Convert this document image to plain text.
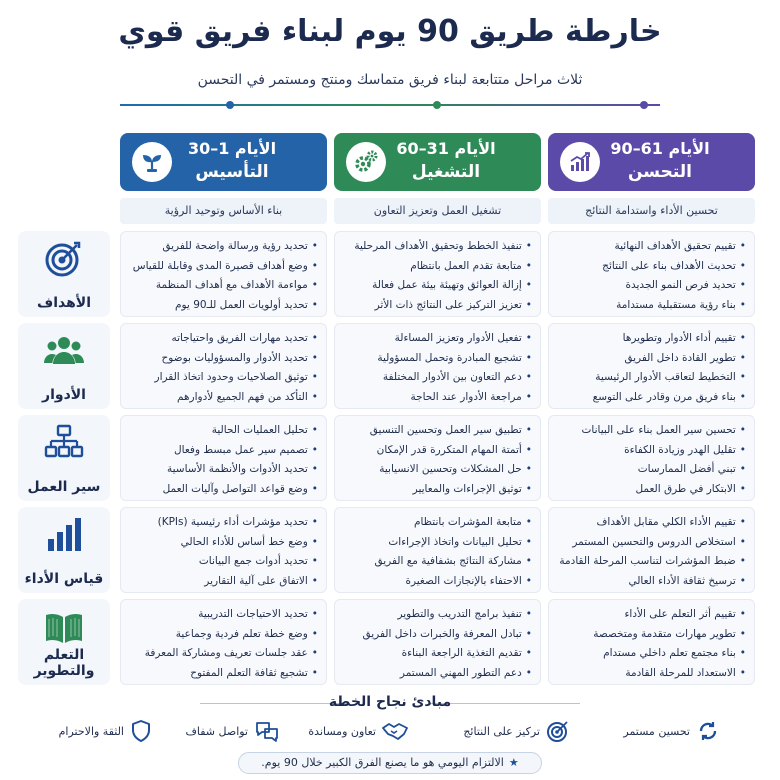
خارطة طريق 90 يوم لبناء فريق قوي
ثلاث مراحل متتابعة لبناء فريق متماسك ومنتج ومستمر في التحسن
الأيام 1–30
التأسيس
الأيام 31–60
التشغيل
الأيام 61–90
التحسن
بناء الأساس وتوحيد الرؤية	تشغيل العمل وتعزيز التعاون	تحسين الأداء واستدامة النتائج
الأهداف
• تحديد رؤية ورسالة واضحة للفريق
• وضع أهداف قصيرة المدى وقابلة للقياس
• مواءمة الأهداف مع أهداف المنظمة
• تحديد أولويات العمل للـ90 يوم
• تنفيذ الخطط وتحقيق الأهداف المرحلية
• متابعة تقدم العمل بانتظام
• إزالة العوائق وتهيئة بيئة عمل فعالة
• تعزيز التركيز على النتائج ذات الأثر
• تقييم تحقيق الأهداف النهائية
• تحديث الأهداف بناء على النتائج
• تحديد فرص النمو الجديدة
• بناء رؤية مستقبلية مستدامة
الأدوار
• تحديد مهارات الفريق واحتياجاته
• تحديد الأدوار والمسؤوليات بوضوح
• توثيق الصلاحيات وحدود اتخاذ القرار
• التأكد من فهم الجميع لأدوارهم
• تفعيل الأدوار وتعزيز المساءلة
• تشجيع المبادرة وتحمل المسؤولية
• دعم التعاون بين الأدوار المختلفة
• مراجعة الأدوار عند الحاجة
• تقييم أداء الأدوار وتطويرها
• تطوير القادة داخل الفريق
• التخطيط لتعاقب الأدوار الرئيسية
• بناء فريق مرن وقادر على التوسع
سير العمل
• تحليل العمليات الحالية
• تصميم سير عمل مبسط وفعال
• تحديد الأدوات والأنظمة الأساسية
• وضع قواعد التواصل وآليات العمل
• تطبيق سير العمل وتحسين التنسيق
• أتمتة المهام المتكررة قدر الإمكان
• حل المشكلات وتحسين الانسيابية
• توثيق الإجراءات والمعايير
• تحسين سير العمل بناء على البيانات
• تقليل الهدر وزيادة الكفاءة
• تبني أفضل الممارسات
• الابتكار في طرق العمل
قياس الأداء
• تحديد مؤشرات أداء رئيسية (KPIs)
• وضع خط أساس للأداء الحالي
• تحديد أدوات جمع البيانات
• الاتفاق على آلية التقارير
• متابعة المؤشرات بانتظام
• تحليل البيانات واتخاذ الإجراءات
• مشاركة النتائج بشفافية مع الفريق
• الاحتفاء بالإنجازات الصغيرة
• تقييم الأداء الكلي مقابل الأهداف
• استخلاص الدروس والتحسين المستمر
• ضبط المؤشرات لتناسب المرحلة القادمة
• ترسيخ ثقافة الأداء العالي
التعلم والتطوير
• تحديد الاحتياجات التدريبية
• وضع خطة تعلم فردية وجماعية
• عقد جلسات تعريف ومشاركة المعرفة
• تشجيع ثقافة التعلم المفتوح
• تنفيذ برامج التدريب والتطوير
• تبادل المعرفة والخبرات داخل الفريق
• تقديم التغذية الراجعة البناءة
• دعم التطور المهني المستمر
• تقييم أثر التعلم على الأداء
• تطوير مهارات متقدمة ومتخصصة
• بناء مجتمع تعلم داخلي مستدام
• الاستعداد للمرحلة القادمة
مبادئ نجاح الخطة
تحسين مستمر
تركيز على النتائج
تعاون ومساندة
تواصل شفاف
الثقة والاحترام
★الالتزام اليومي هو ما يصنع الفرق الكبير خلال 90 يوم.
